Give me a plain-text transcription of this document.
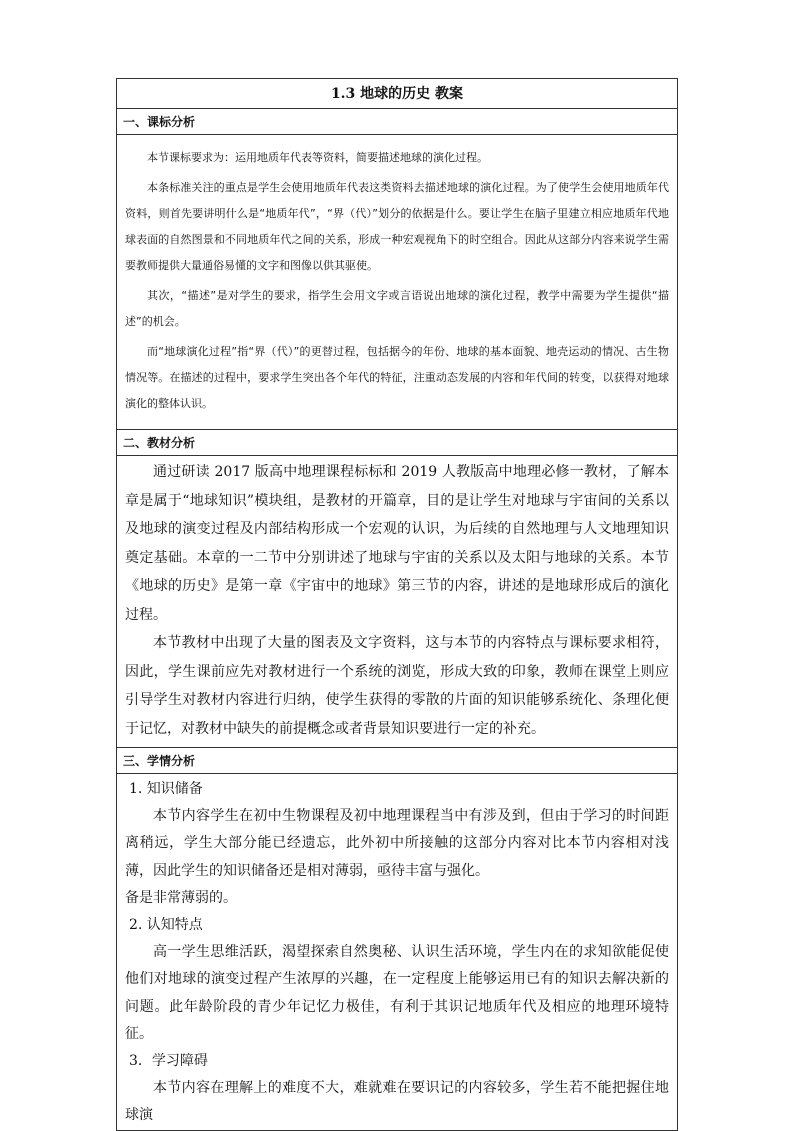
1.3 地球的历史 教案
一、课标分析

本节课标要求为：运用地质年代表等资料，简要描述地球的演化过程。

本条标准关注的重点是学生会使用地质年代表这类资料去描述地球的演化过程。为了使学生会使用地质年代资料，则首先要讲明什么是“地质年代”，“界（代）”划分的依据是什么。要让学生在脑子里建立相应地质年代地球表面的自然图景和不同地质年代之间的关系，形成一种宏观视角下的时空组合。因此从这部分内容来说学生需要教师提供大量通俗易懂的文字和图像以供其驱使。

其次，“描述”是对学生的要求，指学生会用文字或言语说出地球的演化过程，教学中需要为学生提供“描述”的机会。

而“地球演化过程”指“界（代）”的更替过程，包括据今的年份、地球的基本面貌、地壳运动的情况、古生物情况等。在描述的过程中，要求学生突出各个年代的特征，注重动态发展的内容和年代间的转变，以获得对地球演化的整体认识。

二、教材分析

通过研读 2017 版高中地理课程标标和 2019 人教版高中地理必修一教材，了解本章是属于“地球知识”模块组，是教材的开篇章，目的是让学生对地球与宇宙间的关系以及地球的演变过程及内部结构形成一个宏观的认识，为后续的自然地理与人文地理知识奠定基础。本章的一二节中分别讲述了地球与宇宙的关系以及太阳与地球的关系。本节《地球的历史》是第一章《宇宙中的地球》第三节的内容，讲述的是地球形成后的演化过程。

本节教材中出现了大量的图表及文字资料，这与本节的内容特点与课标要求相符，因此，学生课前应先对教材进行一个系统的浏览，形成大致的印象，教师在课堂上则应引导学生对教材内容进行归纳，使学生获得的零散的片面的知识能够系统化、条理化便于记忆，对教材中缺失的前提概念或者背景知识要进行一定的补充。

三、学情分析

1. 知识储备

本节内容学生在初中生物课程及初中地理课程当中有涉及到，但由于学习的时间距离稍远，学生大部分能已经遗忘，此外初中所接触的这部分内容对比本节内容相对浅薄，因此学生的知识储备还是相对薄弱，亟待丰富与强化。

备是非常薄弱的。

2. 认知特点

高一学生思维活跃，渴望探索自然奥秘、认识生活环境，学生内在的求知欲能促使他们对地球的演变过程产生浓厚的兴趣，在一定程度上能够运用已有的知识去解决新的问题。此年龄阶段的青少年记忆力极佳，有利于其识记地质年代及相应的地理环境特征。

3．学习障碍

本节内容在理解上的难度不大，难就难在要识记的内容较多，学生若不能把握住地球演
